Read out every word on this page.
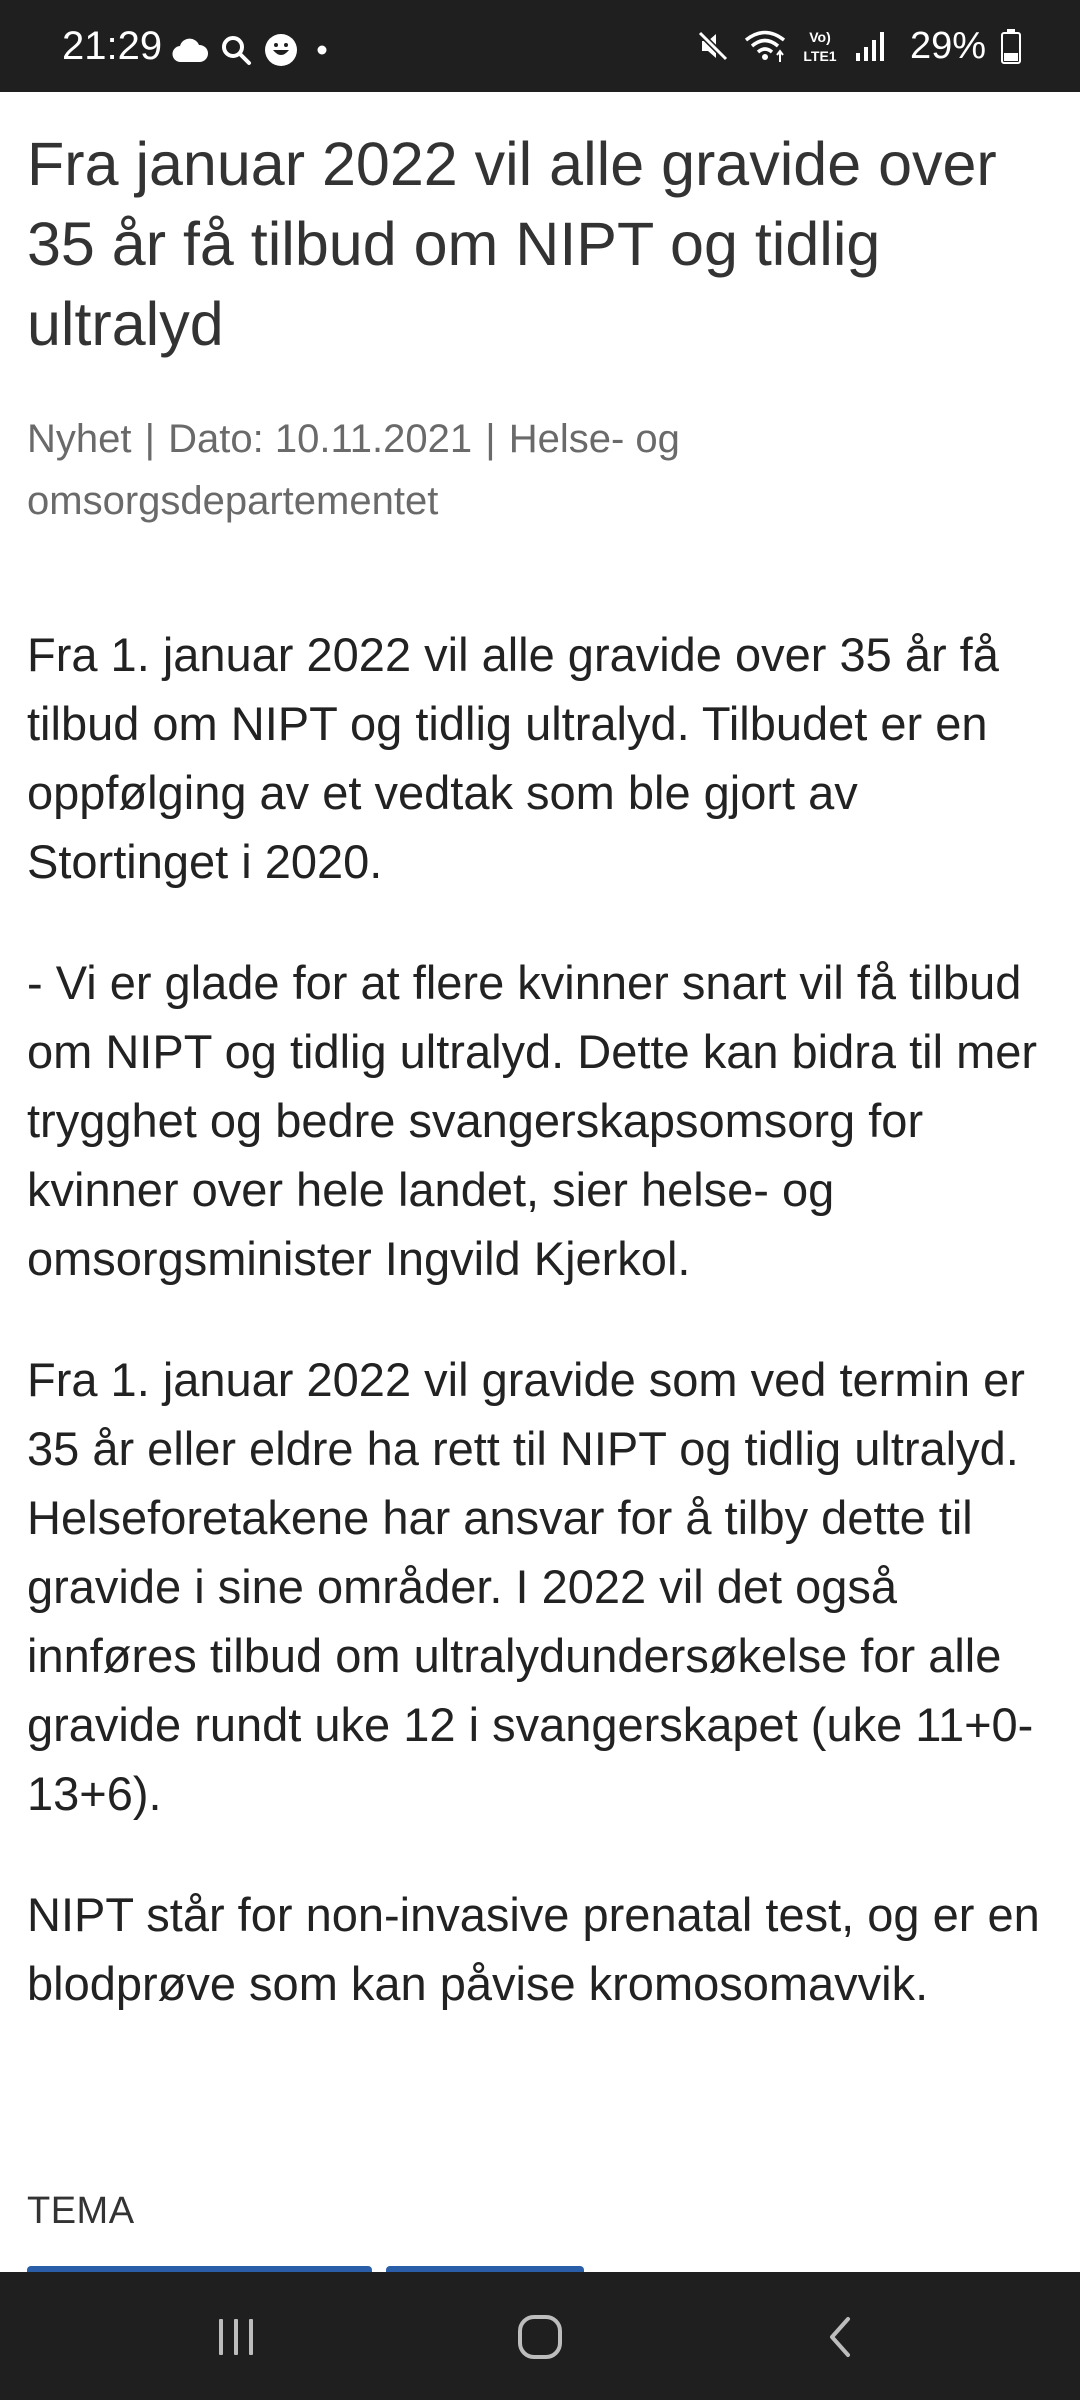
21:29	Vo)
LTE1 29%
Fra januar 2022 vil alle gravide over 35 år få tilbud om NIPT og tidlig ultralyd
Nyhet | Dato: 10.11.2021 | Helse- og omsorgsdepartementet

Fra 1. januar 2022 vil alle gravide over 35 år få tilbud om NIPT og tidlig ultralyd. Tilbudet er en oppfølging av et vedtak som ble gjort av Stortinget i 2020.

- Vi er glade for at flere kvinner snart vil få tilbud om NIPT og tidlig ultralyd. Dette kan bidra til mer trygghet og bedre svangerskapsomsorg for kvinner over hele landet, sier helse- og omsorgsminister Ingvild Kjerkol.

Fra 1. januar 2022 vil gravide som ved termin er 35 år eller eldre ha rett til NIPT og tidlig ultralyd. Helseforetakene har ansvar for å tilby dette til gravide i sine områder. I 2022 vil det også innføres tilbud om ultralydundersøkelse for alle gravide rundt uke 12 i svangerskapet (uke 11+0-13+6).

NIPT står for non-invasive prenatal test, og er en blodprøve som kan påvise kromosomavvik.

TEMA
